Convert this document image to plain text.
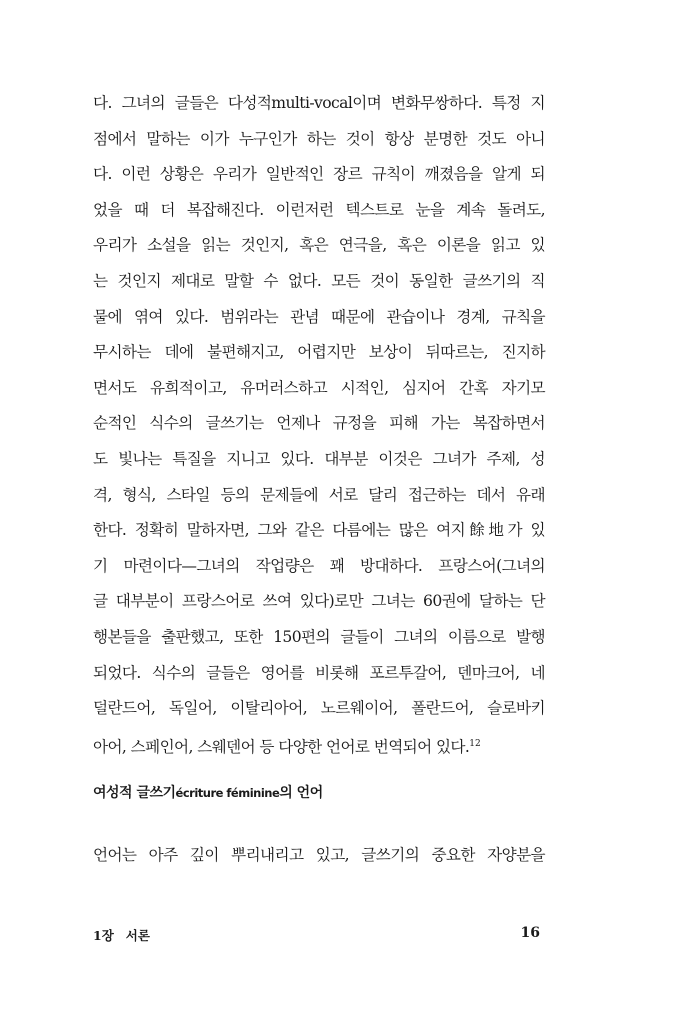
다. 그녀의 글들은 다성적multi-vocal이며 변화무쌍하다. 특정 지
점에서 말하는 이가 누구인가 하는 것이 항상 분명한 것도 아니
다. 이런 상황은 우리가 일반적인 장르 규칙이 깨졌음을 알게 되
었을 때 더 복잡해진다. 이런저런 텍스트로 눈을 계속 돌려도,
우리가 소설을 읽는 것인지, 혹은 연극을, 혹은 이론을 읽고 있
는 것인지 제대로 말할 수 없다. 모든 것이 동일한 글쓰기의 직
물에 엮여 있다. 범위라는 관념 때문에 관습이나 경계, 규칙을
무시하는 데에 불편해지고, 어렵지만 보상이 뒤따르는, 진지하
면서도 유희적이고, 유머러스하고 시적인, 심지어 간혹 자기모
순적인 식수의 글쓰기는 언제나 규정을 피해 가는 복잡하면서
도 빛나는 특질을 지니고 있다. 대부분 이것은 그녀가 주제, 성
격, 형식, 스타일 등의 문제들에 서로 달리 접근하는 데서 유래
한다. 정확히 말하자면, 그와 같은 다름에는 많은 여지餘地가 있
기 마련이다—그녀의 작업량은 꽤 방대하다. 프랑스어(그녀의
글 대부분이 프랑스어로 쓰여 있다)로만 그녀는 60권에 달하는 단
행본들을 출판했고, 또한 150편의 글들이 그녀의 이름으로 발행
되었다. 식수의 글들은 영어를 비롯해 포르투갈어, 덴마크어, 네
덜란드어, 독일어, 이탈리아어, 노르웨이어, 폴란드어, 슬로바키
아어, 스페인어, 스웨덴어 등 다양한 언어로 번역되어 있다.$^{12}$
여성적 글쓰기écriture féminine의 언어
언어는 아주 깊이 뿌리내리고 있고, 글쓰기의 중요한 자양분을
1장 서론	16
